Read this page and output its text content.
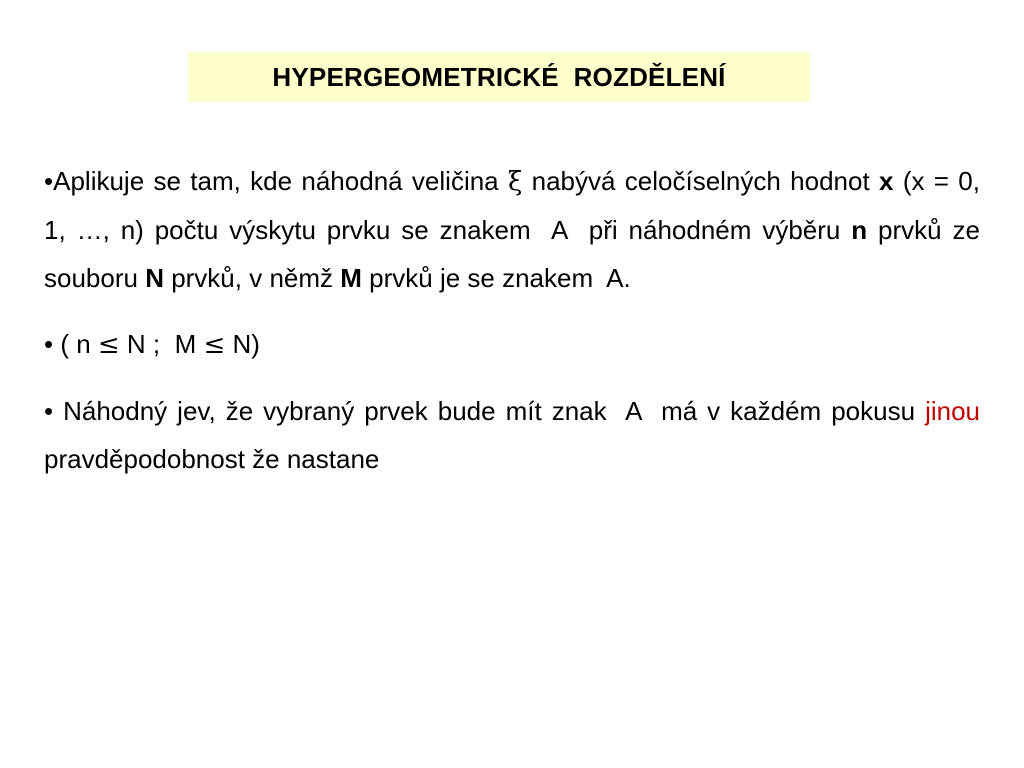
HYPERGEOMETRICKÉ  ROZDĚLENÍ

•Aplikuje se tam, kde náhodná veličina ξ nabývá celočíselných hodnot x (x = 0, 1, …, n) počtu výskytu prvku se znakem  A  při náhodném výběru n prvků ze souboru N prvků, v němž M prvků je se znakem  A.

• ( n ≤ N ;  M ≤ N)

• Náhodný jev, že vybraný prvek bude mít znak  A  má v každém pokusu jinou pravděpodobnost že nastane
